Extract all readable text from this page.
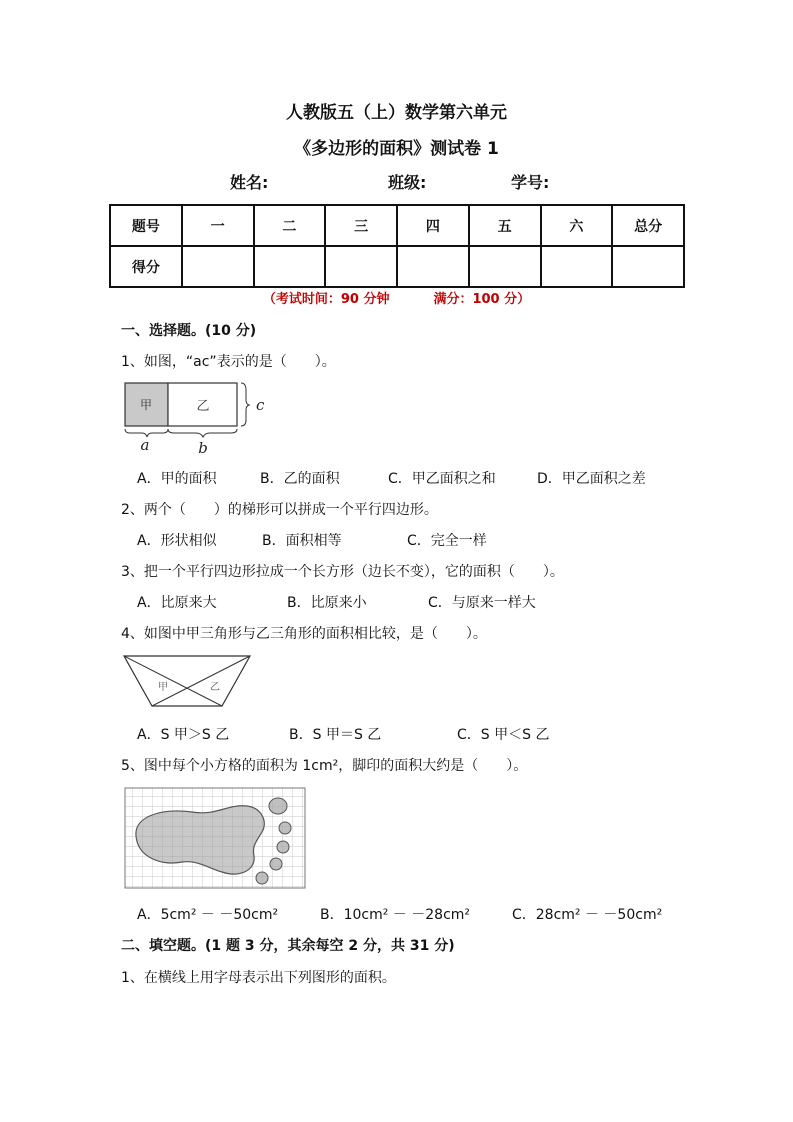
人教版五（上）数学第六单元
《多边形的面积》测试卷 1
姓名:	班级:	学号:
题号	一	二	三	四	五	六	总分
得分							
（考试时间：90 分钟	满分：100 分）
一、选择题。(10 分)
1、如图，“ac”表示的是（　　）。
甲	乙	c
a	b
A．甲的面积	B．乙的面积	C．甲乙面积之和	D．甲乙面积之差
2、两个（　　）的梯形可以拼成一个平行四边形。
A．形状相似	B．面积相等	C．完全一样
3、把一个平行四边形拉成一个长方形（边长不变），它的面积（　　）。
A．比原来大	B．比原来小	C．与原来一样大
4、如图中甲三角形与乙三角形的面积相比较，是（　　）。
甲	乙
A．S 甲＞S 乙	B．S 甲＝S 乙	C．S 甲＜S 乙
5、图中每个小方格的面积为 1cm²，脚印的面积大约是（　　）。
A．5cm² － －50cm²	B．10cm² － －28cm²	C．28cm² － －50cm²
二、填空题。(1 题 3 分，其余每空 2 分，共 31 分)
1、在横线上用字母表示出下列图形的面积。
